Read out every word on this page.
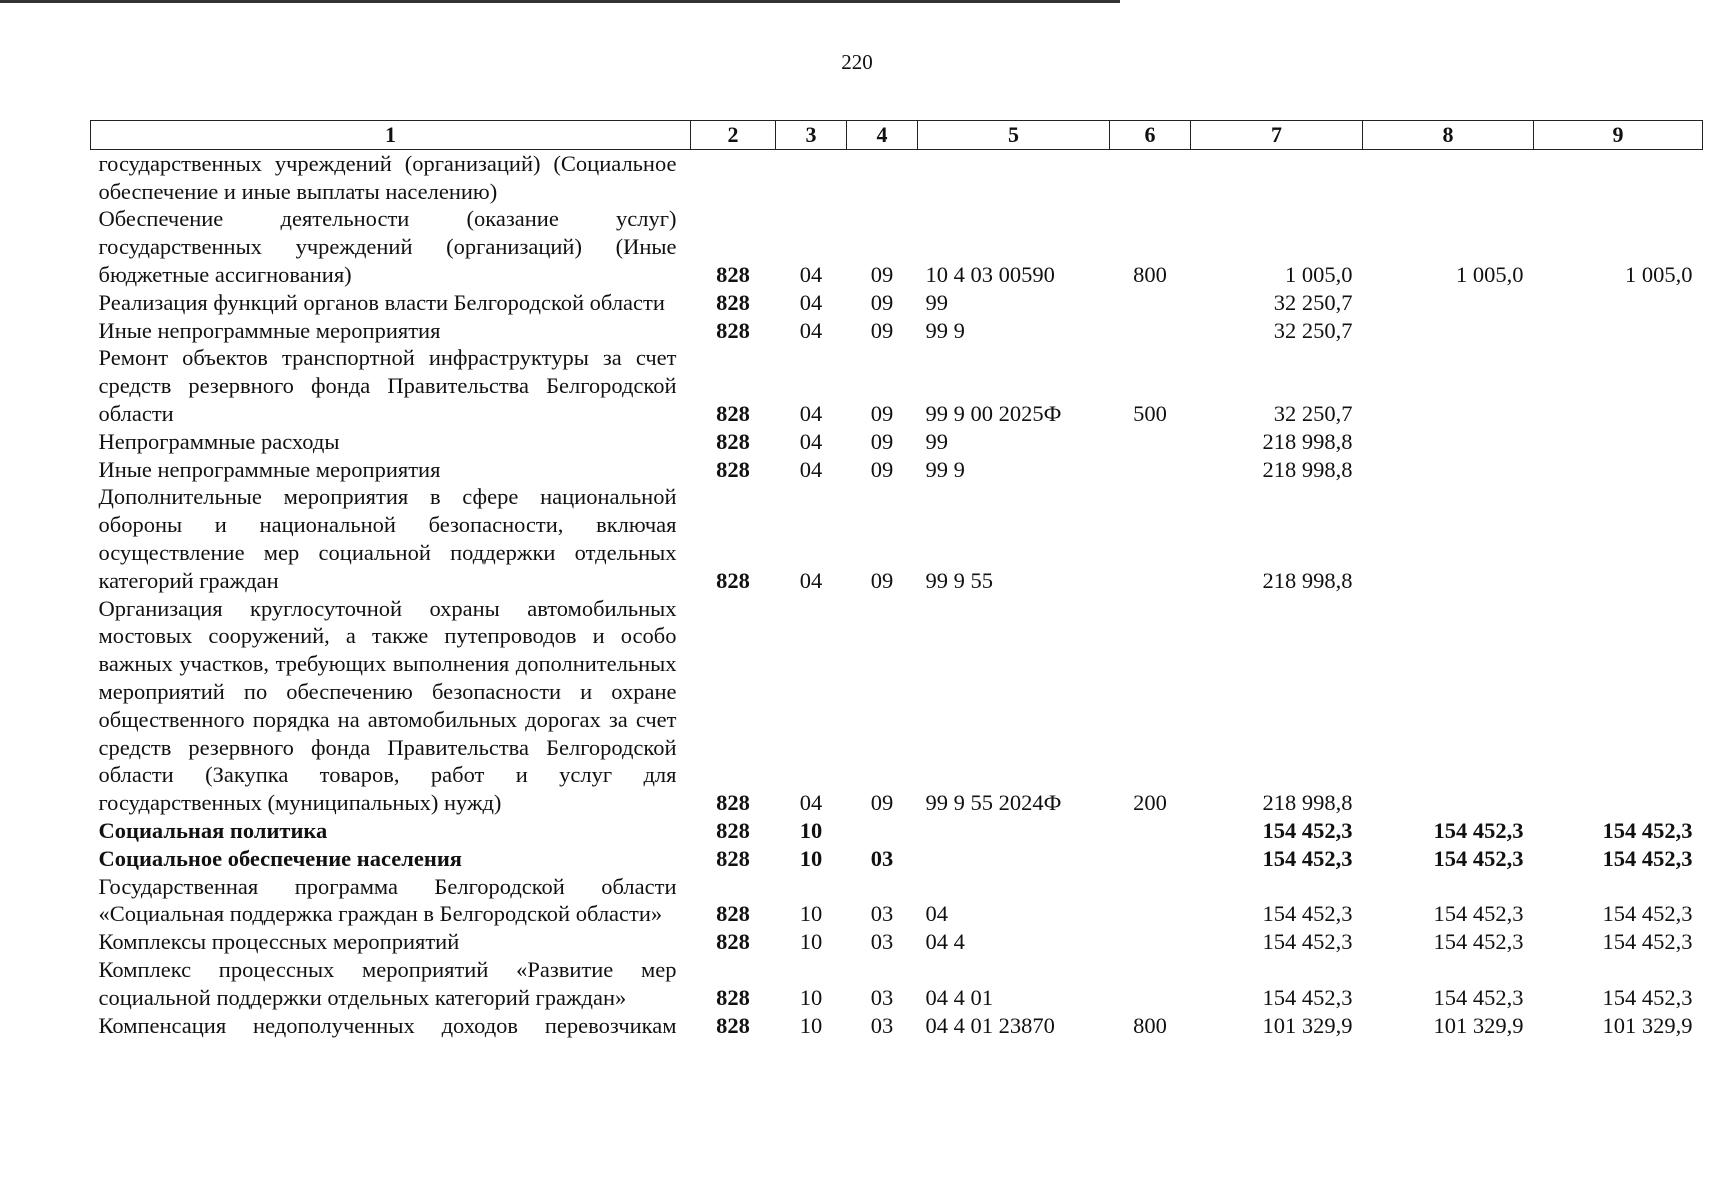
220
1	2	3	4	5	6	7	8	9
государственных учреждений (организаций) (Социальное обеспечение и иные выплаты населению)								
Обеспечение деятельности (оказание услуг) государственных учреждений (организаций) (Иные бюджетные ассигнования)	828	04	09	10 4 03 00590	800	1 005,0	1 005,0	1 005,0
Реализация функций органов власти Белгородской области	828	04	09	99		32 250,7		
Иные непрограммные мероприятия	828	04	09	99 9		32 250,7		
Ремонт объектов транспортной инфраструктуры за счет средств резервного фонда Правительства Белгородской области	828	04	09	99 9 00 2025Ф	500	32 250,7		
Непрограммные расходы	828	04	09	99		218 998,8		
Иные непрограммные мероприятия	828	04	09	99 9		218 998,8		
Дополнительные мероприятия в сфере национальной обороны и национальной безопасности, включая осуществление мер социальной поддержки отдельных категорий граждан	828	04	09	99 9 55		218 998,8		
Организация круглосуточной охраны автомобильных мостовых сооружений, а также путепроводов и особо важных участков, требующих выполнения дополнительных мероприятий по обеспечению безопасности и охране общественного порядка на автомобильных дорогах за счет средств резервного фонда Правительства Белгородской области (Закупка товаров, работ и услуг для государственных (муниципальных) нужд)	828	04	09	99 9 55 2024Ф	200	218 998,8		
Социальная политика	828	10				154 452,3	154 452,3	154 452,3
Социальное обеспечение населения	828	10	03			154 452,3	154 452,3	154 452,3
Государственная программа Белгородской области «Социальная поддержка граждан в Белгородской области»	828	10	03	04		154 452,3	154 452,3	154 452,3
Комплексы процессных мероприятий	828	10	03	04 4		154 452,3	154 452,3	154 452,3
Комплекс процессных мероприятий «Развитие мер социальной поддержки отдельных категорий граждан»	828	10	03	04 4 01		154 452,3	154 452,3	154 452,3
Компенсация недополученных доходов перевозчикам	828	10	03	04 4 01 23870	800	101 329,9	101 329,9	101 329,9
